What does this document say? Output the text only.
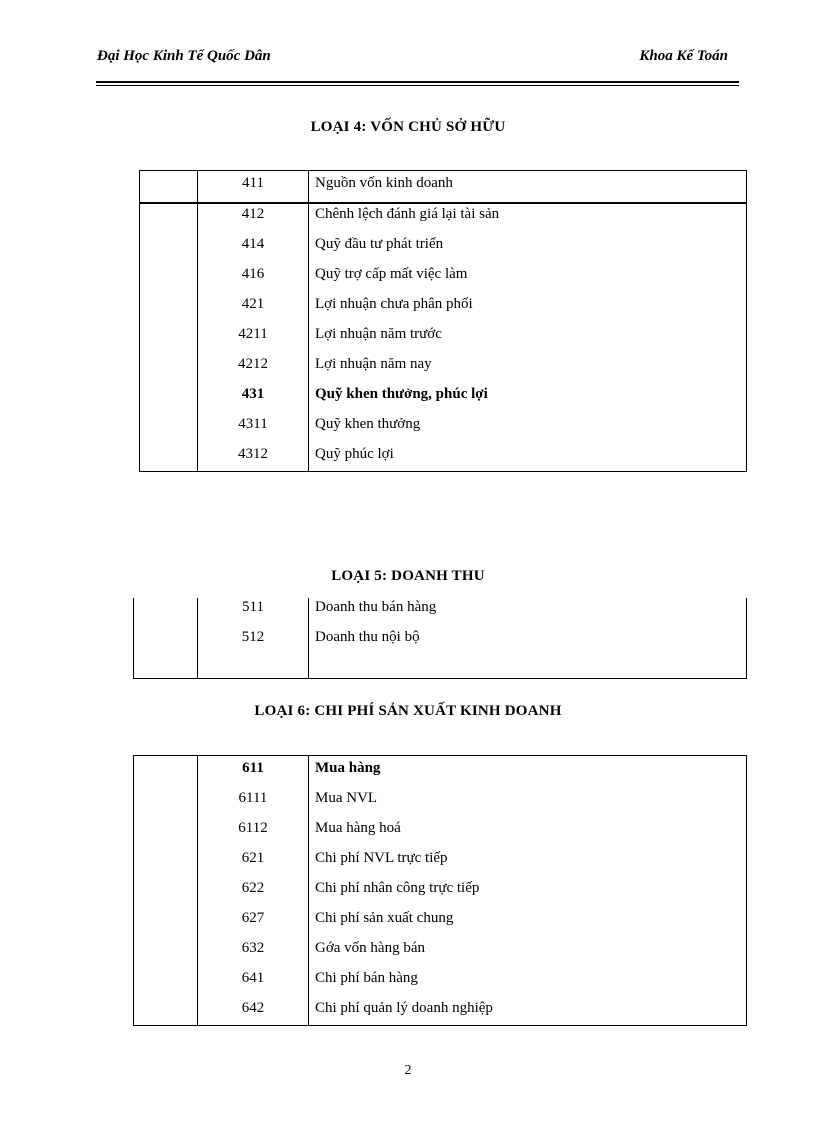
Đại Học Kinh Tế Quốc Dân	Khoa Kế Toán
LOẠI 4: VỐN CHỦ SỞ HỮU
411	Nguồn vốn kinh doanh
412	Chênh lệch đánh giá lại tài sản
414	Quỹ đầu tư phát triển
416	Quỹ trợ cấp mất việc làm
421	Lợi nhuận chưa phân phối
4211	Lợi nhuận năm trước
4212	Lợi nhuận năm nay
431	Quỹ khen thưởng, phúc lợi
4311	Quỹ khen thưởng
4312	Quỹ phúc lợi
LOẠI 5: DOANH THU
511	Doanh thu bán hàng
512	Doanh thu nội bộ
LOẠI 6: CHI PHÍ SẢN XUẤT KINH DOANH
611	Mua hàng
6111	Mua NVL
6112	Mua hàng hoá
621	Chi phí NVL trực tiếp
622	Chi phí nhân công trực tiếp
627	Chi phí sản xuất chung
632	Gớa vốn hàng bán
641	Chi phí bán hàng
642	Chi phí quản lý doanh nghiệp
2
